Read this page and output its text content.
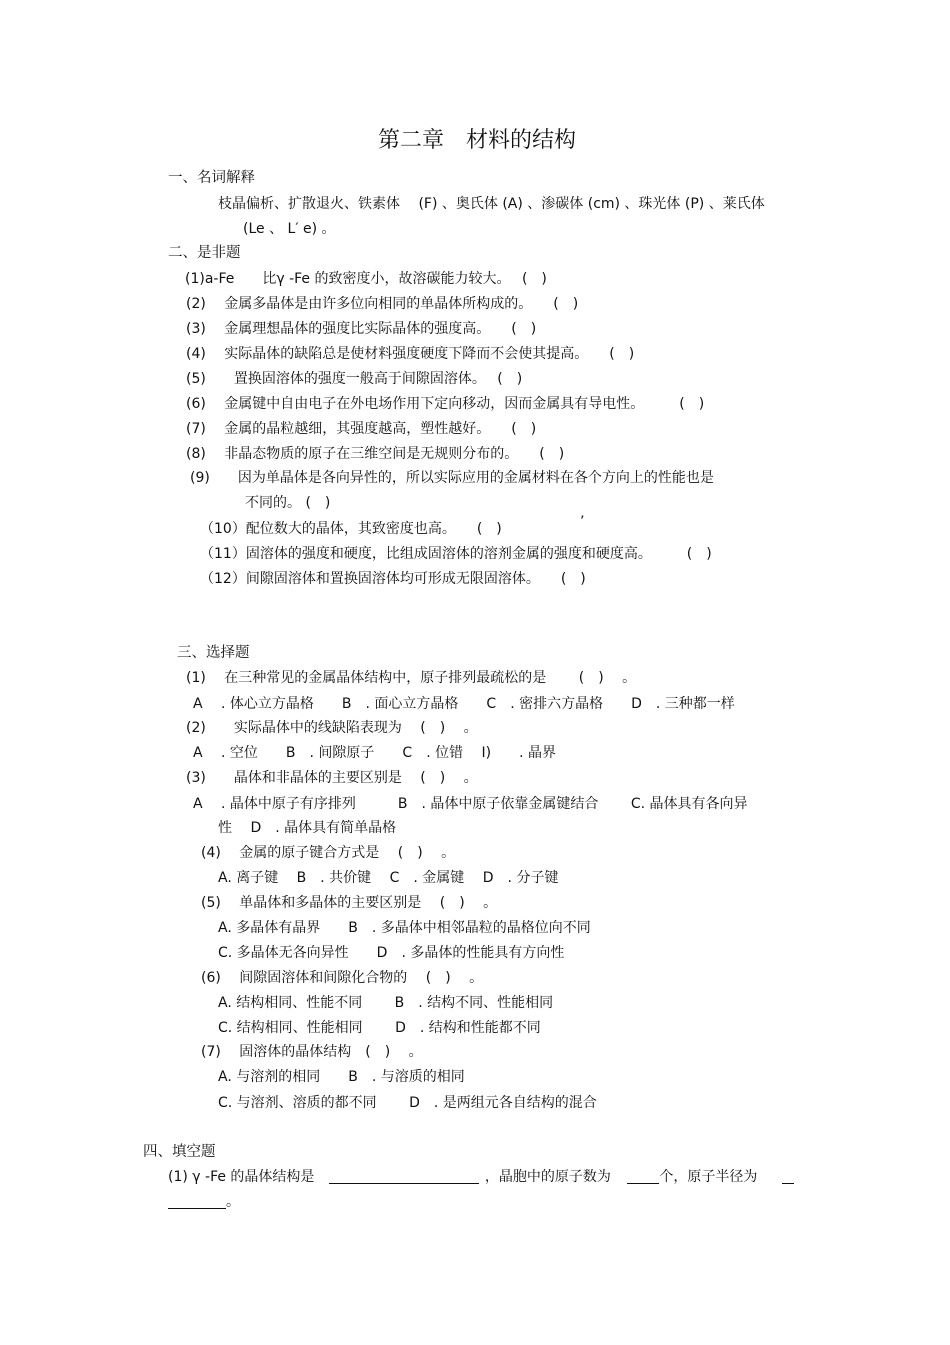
第二章　材料的结构
一、名词解释
枝晶偏析、扩散退火、铁素体　 (F) 、奥氏体 (A) 、渗碳体 (cm) 、珠光体 (P) 、莱氏体
(Le 、 L′ e) 。
二、是非题
(1)a-Fe　　比γ -Fe 的致密度小，故溶碳能力较大。　 (　)
(2)　 金属多晶体是由许多位向相同的单晶体所构成的。　　(　)
(3)　 金属理想晶体的强度比实际晶体的强度高。　　(　)
(4)　 实际晶体的缺陷总是使材料强度硬度下降而不会使其提高。　　(　)
(5)　　置换固溶体的强度一般高于间隙固溶体。　 (　)
(6)　 金属键中自由电子在外电场作用下定向移动，因而金属具有导电性。　　　(　)
(7)　 金属的晶粒越细，其强度越高，塑性越好。　　(　)
(8)　 非晶态物质的原子在三维空间是无规则分布的。　　(　)
(9)　　因为单晶体是各向异性的，所以实际应用的金属材料在各个方向上的性能也是
不同的。 (　)
（10）配位数大的晶体，其致密度也高。　　(　)	’
（11）固溶体的强度和硬度，比组成固溶体的溶剂金属的强度和硬度高。　　　(　)
（12）间隙固溶体和置换固溶体均可形成无限固溶体。　　(　)
三、选择题
(1)　 在三种常见的金属晶体结构中，原子排列最疏松的是　　 (　)　 。
A　 . 体心立方晶格　　B　. 面心立方晶格　　C　. 密排六方晶格　　D　. 三种都一样
(2)　　实际晶体中的线缺陷表现为　 (　)　 。
A　 . 空位　　B　. 间隙原子　　C　. 位错　 I)　　. 晶界
(3)　　晶体和非晶体的主要区别是　 (　)　 。
A　 . 晶体中原子有序排列　　　B　. 晶体中原子依靠金属键结合　　 C. 晶体具有各向异
性　 D　. 晶体具有简单晶格
(4)　 金属的原子键合方式是　 (　)　 。
A. 离子键　 B　. 共价键　 C　. 金属键　 D　. 分子键
(5)　 单晶体和多晶体的主要区别是　 (　)　 。
A. 多晶体有晶界　　B　. 多晶体中相邻晶粒的晶格位向不同
C. 多晶体无各向异性　　D　. 多晶体的性能具有方向性
(6)　 间隙固溶体和间隙化合物的　 (　)　 。
A. 结构相同、性能不同　　 B　. 结构不同、性能相同
C. 结构相同、性能相同　　 D　. 结构和性能都不同
(7)　 固溶体的晶体结构　(　)　 。
A. 与溶剂的相同　　B　. 与溶质的相同
C. 与溶剂、溶质的都不同　　 D　. 是两组元各自结构的混合
四、填空题
(1) γ -Fe 的晶体结构是	，晶胞中的原子数为	个，原子半径为
。
